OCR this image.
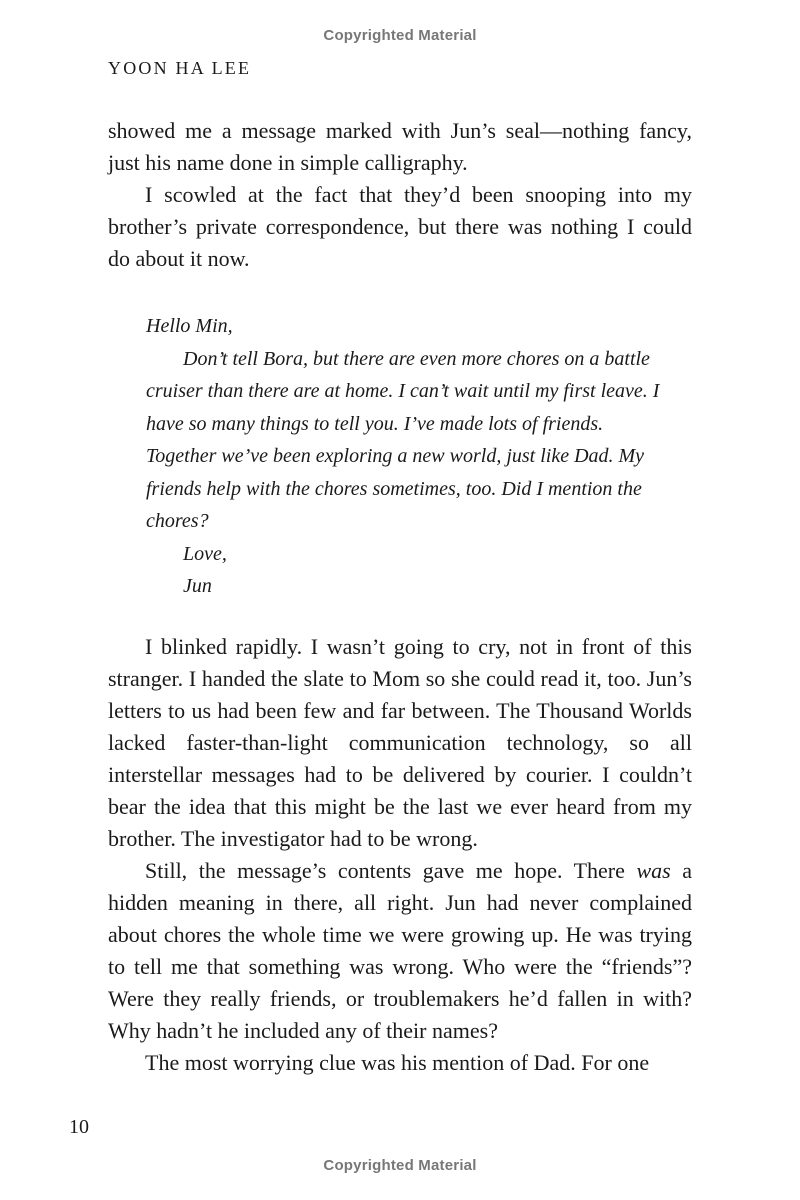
Copyrighted Material
YOON HA LEE

showed me a message marked with Jun’s seal—nothing fancy, just his name done in simple calligraphy.

I scowled at the fact that they’d been snooping into my brother’s private correspondence, but there was nothing I could do about it now.

Hello Min,

Don’t tell Bora, but there are even more chores on a battle cruiser than there are at home. I can’t wait until my first leave. I have so many things to tell you. I’ve made lots of friends. Together we’ve been exploring a new world, just like Dad. My friends help with the chores sometimes, too. Did I mention the chores?

Love,

Jun

I blinked rapidly. I wasn’t going to cry, not in front of this stranger. I handed the slate to Mom so she could read it, too. Jun’s letters to us had been few and far between. The Thousand Worlds lacked faster-than-light communication technology, so all interstellar messages had to be delivered by courier. I couldn’t bear the idea that this might be the last we ever heard from my brother. The investigator had to be wrong.

Still, the message’s contents gave me hope. There was a hidden meaning in there, all right. Jun had never complained about chores the whole time we were growing up. He was trying to tell me that something was wrong. Who were the “friends”? Were they really friends, or troublemakers he’d fallen in with? Why hadn’t he included any of their names?

The most worrying clue was his mention of Dad. For one

10
Copyrighted Material
